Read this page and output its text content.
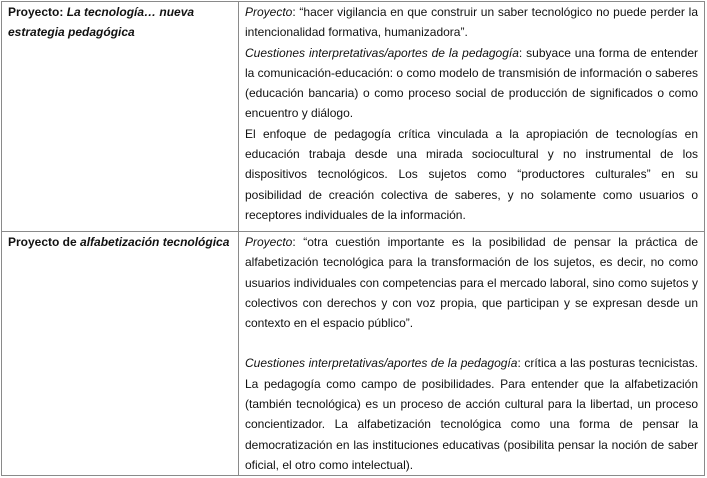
Proyecto: La tecnología… nueva estrategia pedagógica	Proyecto: “hacer vigilancia en que construir un saber tecnológico no puede perder la intencionalidad formativa, humanizadora”.

Cuestiones interpretativas/aportes de la pedagogía: subyace una forma de entender la comunicación-educación: o como modelo de transmisión de información o saberes (educación bancaria) o como proceso social de producción de significados o como encuentro y diálogo.

El enfoque de pedagogía crítica vinculada a la apropiación de tecnologías en educación trabaja desde una mirada sociocultural y no instrumental de los dispositivos tecnológicos. Los sujetos como “productores culturales” en su posibilidad de creación colectiva de saberes, y no solamente como usuarios o receptores individuales de la información.

Proyecto de alfabetización tecnológica	Proyecto: “otra cuestión importante es la posibilidad de pensar la práctica de alfabetización tecnológica para la transformación de los sujetos, es decir, no como usuarios individuales con competencias para el mercado laboral, sino como sujetos y colectivos con derechos y con voz propia, que participan y se expresan desde un contexto en el espacio público”.

Cuestiones interpretativas/aportes de la pedagogía: crítica a las posturas tecnicistas. La pedagogía como campo de posibilidades. Para entender que la alfabetización (también tecnológica) es un proceso de acción cultural para la libertad, un proceso concientizador. La alfabetización tecnológica como una forma de pensar la democratización en las instituciones educativas (posibilita pensar la noción de saber oficial, el otro como intelectual).
